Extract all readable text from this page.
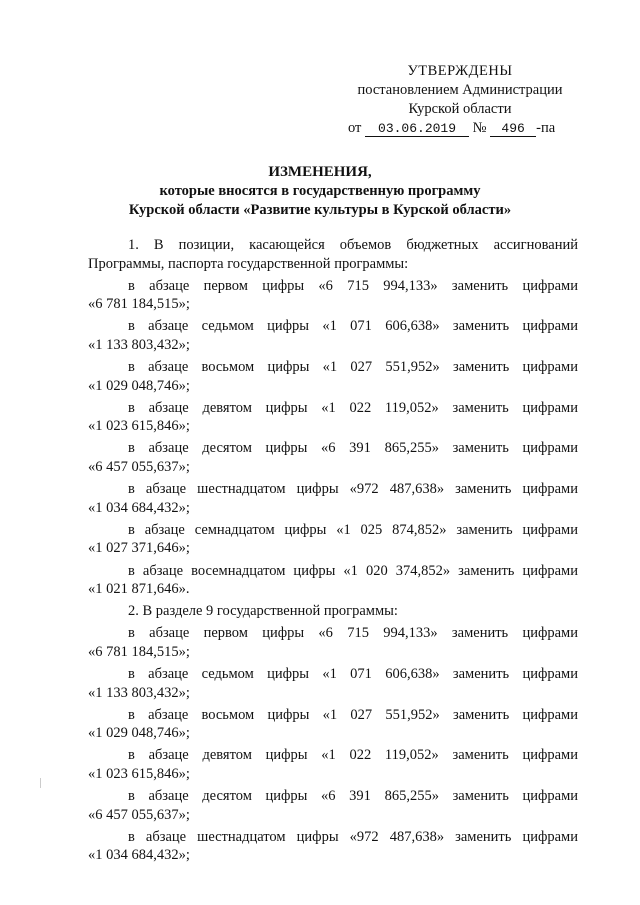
УТВЕРЖДЕНЫ
постановлением Администрации
Курской области
от 03.06.2019 № 496 -па
ИЗМЕНЕНИЯ,
которые вносятся в государственную программу
Курской области «Развитие культуры в Курской области»
1. В позиции, касающейся объемов бюджетных ассигнований
Программы, паспорта государственной программы:
в абзаце первом цифры «6 715 994,133» заменить цифрами
«6 781 184,515»;
в абзаце седьмом цифры «1 071 606,638» заменить цифрами
«1 133 803,432»;
в абзаце восьмом цифры «1 027 551,952» заменить цифрами
«1 029 048,746»;
в абзаце девятом цифры «1 022 119,052» заменить цифрами
«1 023 615,846»;
в абзаце десятом цифры «6 391 865,255» заменить цифрами
«6 457 055,637»;
в абзаце шестнадцатом цифры «972 487,638» заменить цифрами
«1 034 684,432»;
в абзаце семнадцатом цифры «1 025 874,852» заменить цифрами
«1 027 371,646»;
в абзаце восемнадцатом цифры «1 020 374,852» заменить цифрами
«1 021 871,646».
2. В разделе 9 государственной программы:
в абзаце первом цифры «6 715 994,133» заменить цифрами
«6 781 184,515»;
в абзаце седьмом цифры «1 071 606,638» заменить цифрами
«1 133 803,432»;
в абзаце восьмом цифры «1 027 551,952» заменить цифрами
«1 029 048,746»;
в абзаце девятом цифры «1 022 119,052» заменить цифрами
«1 023 615,846»;
в абзаце десятом цифры «6 391 865,255» заменить цифрами
«6 457 055,637»;
в абзаце шестнадцатом цифры «972 487,638» заменить цифрами
«1 034 684,432»;
